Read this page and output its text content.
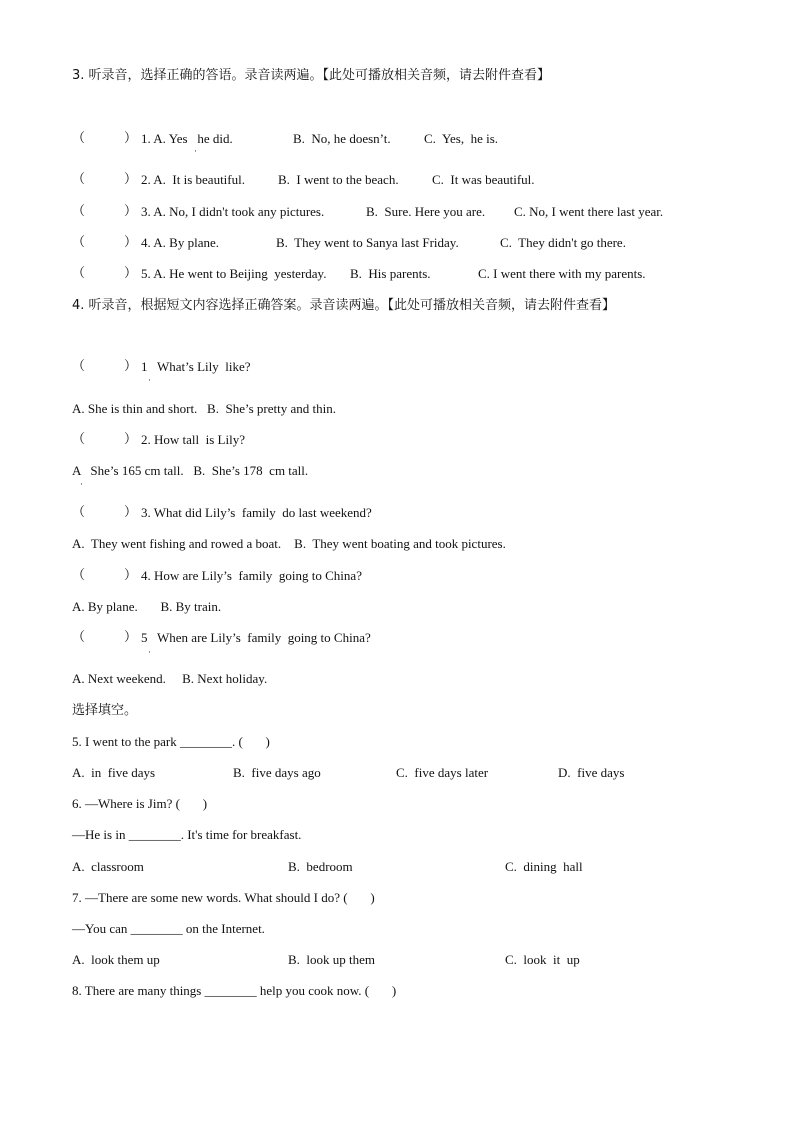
3. 听录音，选择正确的答语。录音读两遍。【此处可播放相关音频，请去附件查看】
（　　　） 1. A. Yes   he did.	B.  No, he doesn’t.	C.  Yes,  he is.
·
（　　　） 2. A.  It is beautiful.	B.  I went to the beach.	C.  It was beautiful.
（　　　） 3. A. No, I didn't took any pictures.	B.  Sure. Here you are. C. No, I went there last year.
（　　　） 4. A. By plane.	B.  They went to Sanya last Friday.	C.  They didn't go there.
（　　　） 5. A. He went to Beijing  yesterday. B.  His parents.	C. I went there with my parents.
4. 听录音，根据短文内容选择正确答案。录音读两遍。【此处可播放相关音频，请去附件查看】
（　　　） 1   What’s Lily  like?
·
A. She is thin and short.   B.  She’s pretty and thin.
（　　　） 2. How tall  is Lily?
A   She’s 165 cm tall.   B.  She’s 178  cm tall.
·
（　　　） 3. What did Lily’s  family  do last weekend?
A.  They went fishing and rowed a boat.    B.  They went boating and took pictures.
（　　　） 4. How are Lily’s  family  going to China?
A. By plane.       B. By train.
（　　　） 5   When are Lily’s  family  going to China?
·
A. Next weekend.     B. Next holiday.
选择填空。
5. I went to the park ________. (       )
A.  in  five days	B.  five days ago	C.  five days later	D.  five days
6. —Where is Jim? (       )
—He is in ________. It's time for breakfast.
A.  classroom	B.  bedroom	C.  dining  hall
7. —There are some new words. What should I do? (       )
—You can ________ on the Internet.
A.  look them up	B.  look up them	C.  look  it  up
8. There are many things ________ help you cook now. (       )
